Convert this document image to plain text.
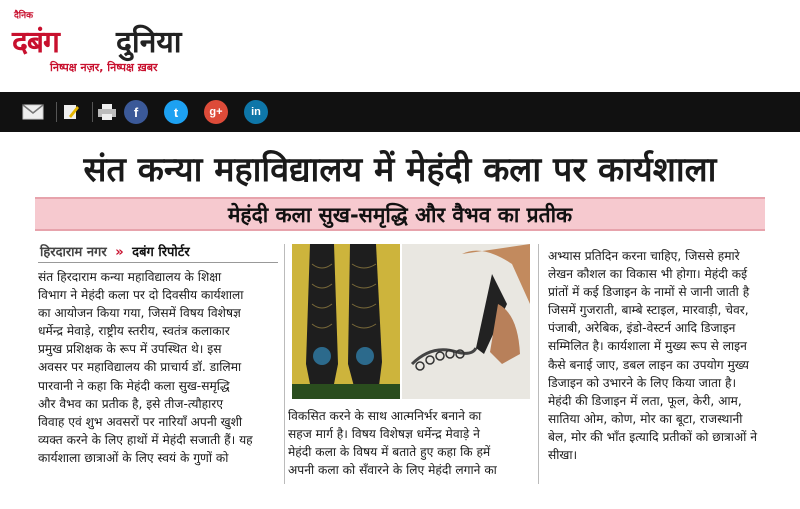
दैनिक
दबंग दुनिया
निष्पक्ष नज़र, निष्पक्ष ख़बर
f	t	g+	in
संत कन्या महाविद्यालय में मेहंदी कला पर कार्यशाला
मेहंदी कला सुख-समृद्धि और वैभव का प्रतीक
हिरदाराम नगर » दबंग रिपोर्टर
संत हिरदाराम कन्या महाविद्यालय के शिक्षा
विभाग ने मेहंदी कला पर दो दिवसीय कार्यशाला
का आयोजन किया गया, जिसमें विषय विशेषज्ञ
धर्मेन्द्र मेवाड़े, राष्ट्रीय स्तरीय, स्वतंत्र कलाकार
प्रमुख प्रशिक्षक के रूप में उपस्थित थे। इस
अवसर पर महाविद्यालय की प्राचार्य डॉ. डालिमा
पारवानी ने कहा कि मेहंदी कला सुख-समृद्धि
और वैभव का प्रतीक है, इसे तीज-त्यौहारए
विवाह एवं शुभ अवसरों पर नारियाँ अपनी खुशी
व्यक्त करने के लिए हाथों में मेहंदी सजाती हैं। यह
कार्यशाला छात्राओं के लिए स्वयं के गुणों को
विकसित करने के साथ आत्मनिर्भर बनाने का
सहज मार्ग है। विषय विशेषज्ञ धर्मेन्द्र मेवाड़े ने
मेहंदी कला के विषय में बताते हुए कहा कि हमें
अपनी कला को सँवारने के लिए मेहंदी लगाने का
अभ्यास प्रतिदिन करना चाहिए, जिससे हमारे
लेखन कौशल का विकास भी होगा। मेहंदी कई
प्रांतों में कई डिजाइन के नामों से जानी जाती है
जिसमें गुजराती, बाम्बे स्टाइल, मारवाड़ी, चेवर,
पंजाबी, अरेबिक, इंडो-वेस्टर्न आदि डिजाइन
सम्मिलित है। कार्यशाला में मुख्य रूप से लाइन
कैसे बनाई जाए, डबल लाइन का उपयोग मुख्य
डिजाइन को उभारने के लिए किया जाता है।
मेहंदी की डिजाइन में लता, फूल, केरी, आम,
सातिया ओम, कोण, मोर का बूटा, राजस्थानी
बेल, मोर की भाँत इत्यादि प्रतीकों को छात्राओं ने
सीखा।
